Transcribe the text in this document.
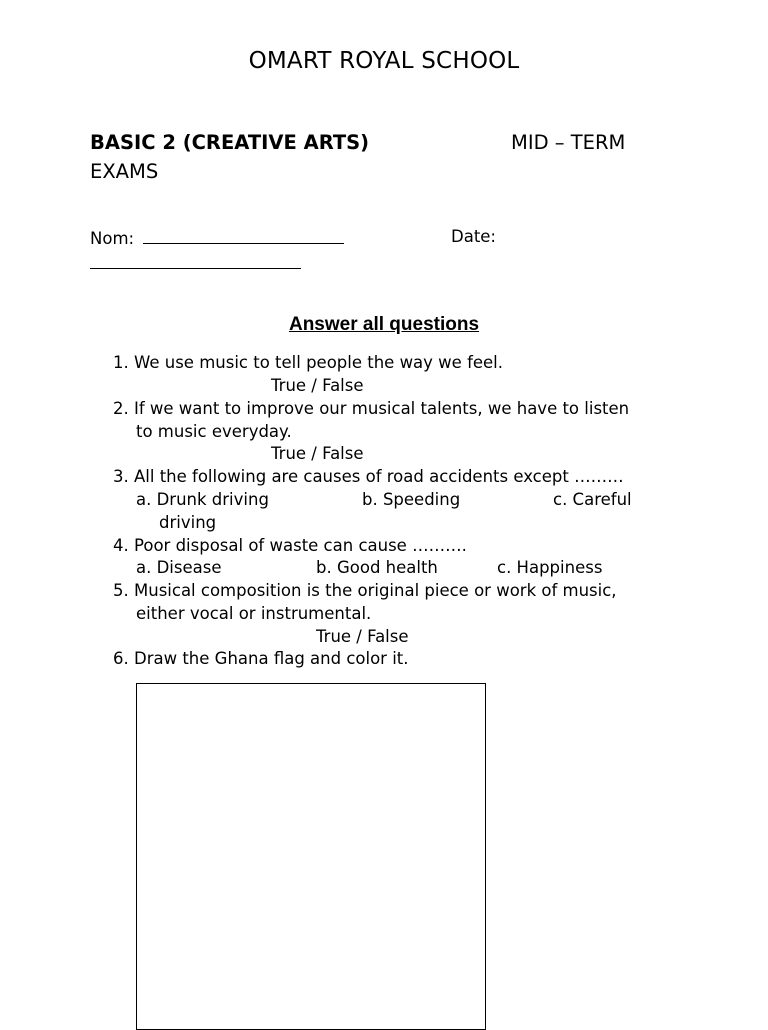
OMART ROYAL SCHOOL
BASIC 2 (CREATIVE ARTS)	MID – TERM
EXAMS
Nom:	Date:
Answer all questions
1. We use music to tell people the way we feel.
True / False
2. If we want to improve our musical talents, we have to listen
to music everyday.
True / False
3. All the following are causes of road accidents except ………
a. Drunk driving	b. Speeding	c. Careful
driving
4. Poor disposal of waste can cause ……….
a. Disease	b. Good health	c. Happiness
5. Musical composition is the original piece or work of music,
either vocal or instrumental.
True / False
6. Draw the Ghana flag and color it.
